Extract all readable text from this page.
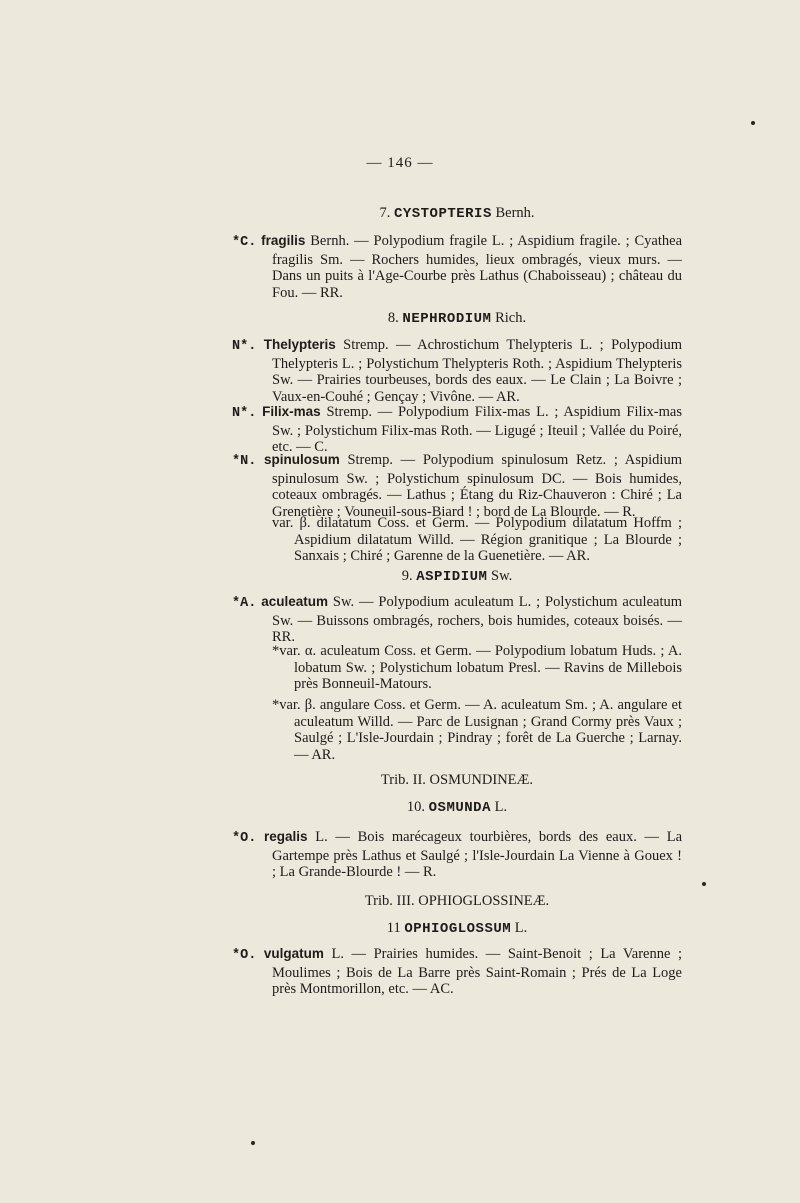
— 146 —

7. CYSTOPTERIS Bernh.

*C. fragilis Bernh. — Polypodium fragile L. ; Aspidium fragile. ; Cyathea fragilis Sm. — Rochers humides, lieux ombragés, vieux murs. — Dans un puits à l'Age-Courbe près Lathus (Chaboisseau) ; château du Fou. — RR.

8. NEPHRODIUM Rich.

N*. Thelypteris Stremp. — Achrostichum Thelypteris L. ; Polypodium Thelypteris L. ; Polystichum Thelypteris Roth. ; Aspidium Thelypteris Sw. — Prairies tourbeuses, bords des eaux. — Le Clain ; La Boivre ; Vaux-en-Couhé ; Gençay ; Vivône. — AR.

N*. Filix-mas Stremp. — Polypodium Filix-mas L. ; Aspidium Filix-mas Sw. ; Polystichum Filix-mas Roth. — Ligugé ; Iteuil ; Vallée du Poiré, etc. — C.

*N. spinulosum Stremp. — Polypodium spinulosum Retz. ; Aspidium spinulosum Sw. ; Polystichum spinulosum DC. — Bois humides, coteaux ombragés. — Lathus ; Étang du Riz-Chauveron : Chiré ; La Grenetière ; Vouneuil-sous-Biard ! ; bord de La Blourde. — R.

var. β. dilatatum Coss. et Germ. — Polypodium dilatatum Hoffm ; Aspidium dilatatum Willd. — Région granitique ; La Blourde ; Sanxais ; Chiré ; Garenne de la Guenetière. — AR.

9. ASPIDIUM Sw.

*A. aculeatum Sw. — Polypodium aculeatum L. ; Polystichum aculeatum Sw. — Buissons ombragés, rochers, bois humides, coteaux boisés. — RR.

*var. α. aculeatum Coss. et Germ. — Polypodium lobatum Huds. ; A. lobatum Sw. ; Polystichum lobatum Presl. — Ravins de Millebois près Bonneuil-Matours.

*var. β. angulare Coss. et Germ. — A. aculeatum Sm. ; A. angulare et aculeatum Willd. — Parc de Lusignan ; Grand Cormy près Vaux ; Saulgé ; L'Isle-Jourdain ; Pindray ; forêt de La Guerche ; Larnay. — AR.

Trib. II. OSMUNDINEÆ.

10. OSMUNDA L.

*O. regalis L. — Bois marécageux tourbières, bords des eaux. — La Gartempe près Lathus et Saulgé ; l'Isle-Jourdain La Vienne à Gouex ! ; La Grande-Blourde ! — R.

Trib. III. OPHIOGLOSSINEÆ.

11 OPHIOGLOSSUM L.

*O. vulgatum L. — Prairies humides. — Saint-Benoit ; La Varenne ; Moulimes ; Bois de La Barre près Saint-Romain ; Prés de La Loge près Montmorillon, etc. — AC.
